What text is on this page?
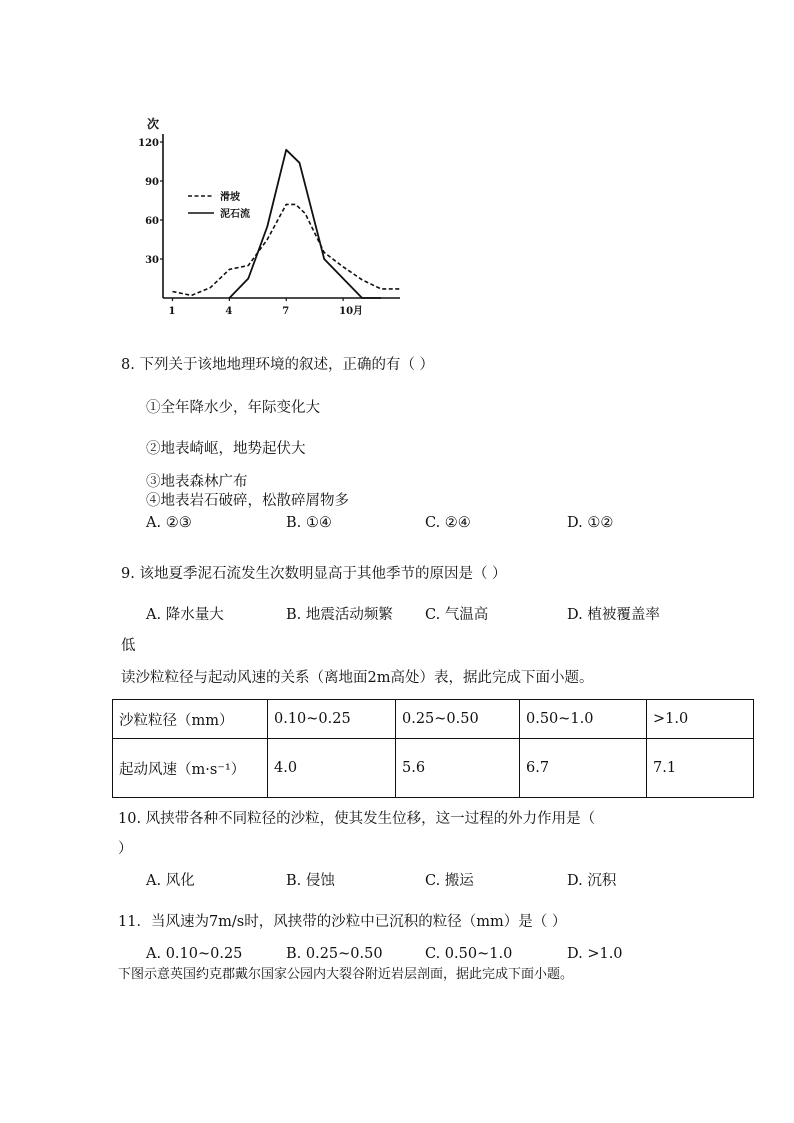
次
120
90
60
30
1	4	7	10月
滑坡
泥石流
8. 下列关于该地地理环境的叙述，正确的有（ ）
①全年降水少，年际变化大
②地表崎岖，地势起伏大
③地表森林广布
④地表岩石破碎，松散碎屑物多
A. ②③	B. ①④	C. ②④	D. ①②
9. 该地夏季泥石流发生次数明显高于其他季节的原因是（ ）
A. 降水量大	B. 地震活动频繁 C. 气温高	D. 植被覆盖率
低
读沙粒粒径与起动风速的关系（离地面2m高处）表，据此完成下面小题。
沙粒粒径（mm）	0.10~0.25	0.25~0.50	0.50~1.0	>1.0
起动风速（m·s⁻¹）	4.0	5.6	6.7	7.1
10. 风挟带各种不同粒径的沙粒，使其发生位移，这一过程的外力作用是（
）
A. 风化	B. 侵蚀	C. 搬运	D. 沉积
11．当风速为7m/s时，风挟带的沙粒中已沉积的粒径（mm）是（ ）
A. 0.10~0.25	B. 0.25~0.50	C. 0.50~1.0	D. >1.0
下图示意英国约克郡戴尔国家公园内大裂谷附近岩层剖面，据此完成下面小题。
